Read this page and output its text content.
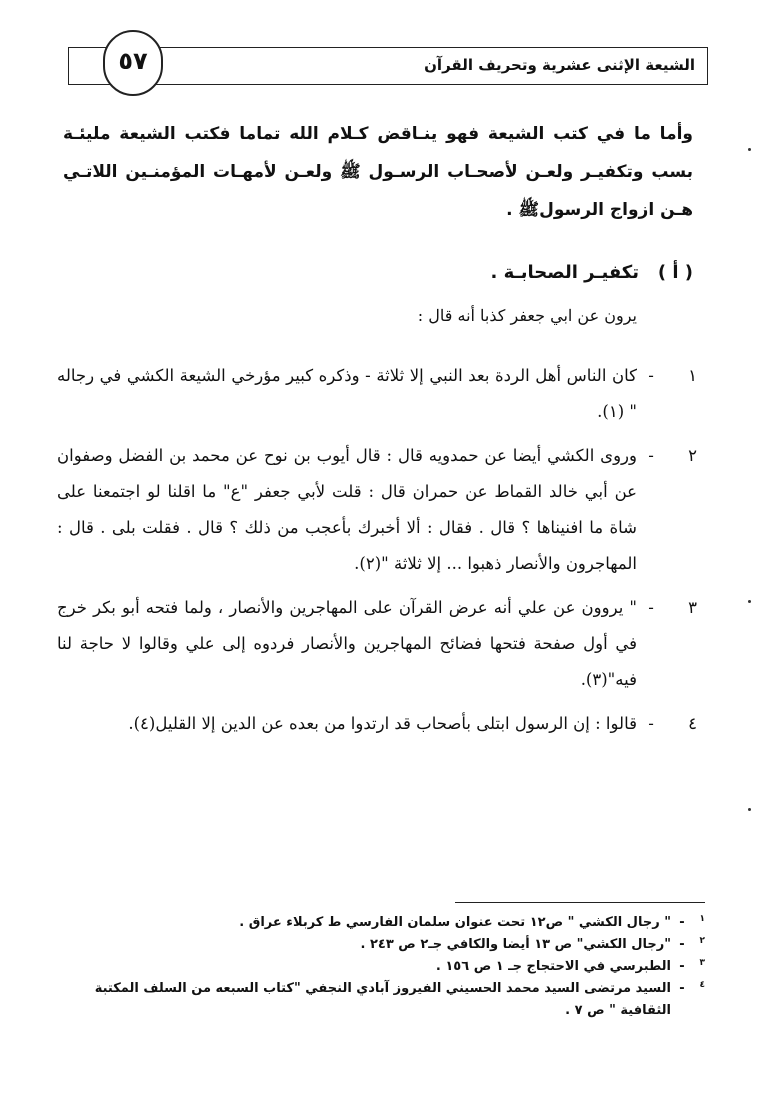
الشيعة الإثنى عشرية وتحريف القرآن
٥٧
وأما ما في كتب الشيعة فهو ينـاقض كـلام الله تماما فكتب الشيعة مليئـة بسب وتكفيـر ولعـن لأصحـاب الرسـول ﷺ ولعـن لأمهـات المؤمنـين اللاتـي هـن ازواج الرسولﷺ .
( أ )   تكفيـر الصحابـة .
يرون عن ابي جعفر كذبا أنه قال :
١
-
كان الناس أهل الردة بعد النبي إلا ثلاثة - وذكره كبير مؤرخي الشيعة الكشي في رجاله " (١).
٢
-
وروى الكشي أيضا عن حمدويه قال : قال أيوب بن نوح عن محمد بن الفضل وصفوان عن أبي خالد القماط عن حمران قال : قلت لأبي جعفر "ع" ما اقلنا لو اجتمعنا على شاة ما افنيناها ؟ قال . فقال : ألا أخبرك بأعجب من ذلك ؟ قال . فقلت بلى . قال : المهاجرون والأنصار ذهبوا ... إلا ثلاثة "(٢).
٣
-
" يروون عن علي أنه عرض القرآن على المهاجرين والأنصار ، ولما فتحه أبو بكر خرج في أول صفحة فتحها فضائح المهاجرين والأنصار فردوه إلى علي وقالوا لا حاجة لنا فيه"(٣).
٤
-
قالوا : إن الرسول ابتلى بأصحاب قد ارتدوا من بعده عن الدين إلا القليل(٤).
١
-
" رجال الكشي " ص١٢ تحت عنوان سلمان الفارسي ط كربلاء عراق .
٢
-
"رجال الكشي" ص ١٣ أيضا والكافي جـ٢ ص ٢٤٣ .
٣
-
الطبرسي في الاحتجاج جـ ١ ص ١٥٦ .
٤
-
السيد مرتضى السيد محمد الحسيني الفيروز آبادي النجفي "كتاب السبعه من السلف المكتبة الثقافية " ص ٧ .
